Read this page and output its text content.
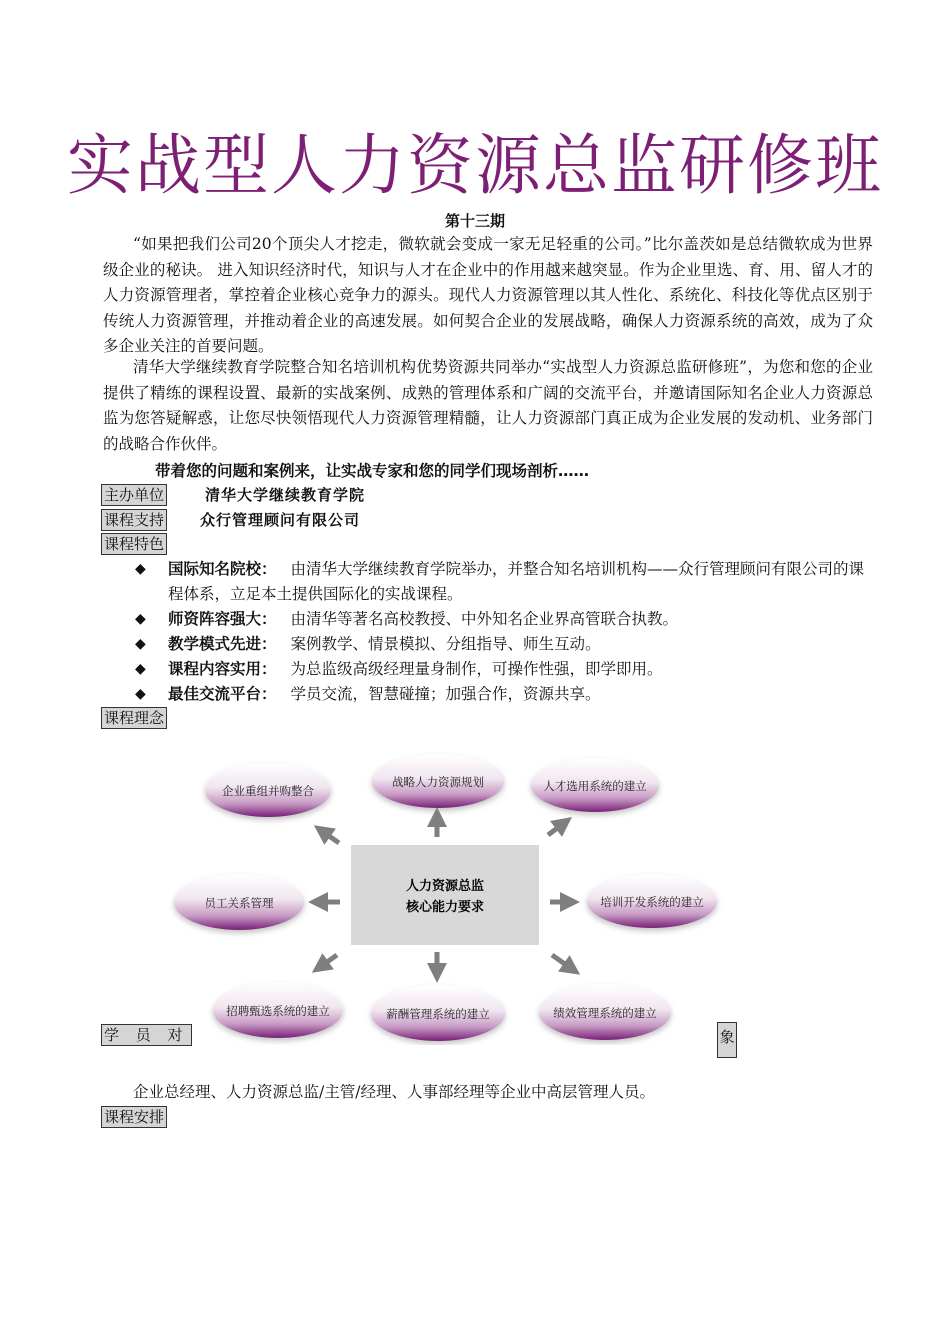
实战型人力资源总监研修班
第十三期
“如果把我们公司20个顶尖人才挖走，微软就会变成一家无足轻重的公司。”比尔盖茨如是总结微软成为世界级企业的秘诀。 进入知识经济时代，知识与人才在企业中的作用越来越突显。作为企业里选、育、用、留人才的人力资源管理者，掌控着企业核心竞争力的源头。现代人力资源管理以其人性化、系统化、科技化等优点区别于传统人力资源管理，并推动着企业的高速发展。如何契合企业的发展战略，确保人力资源系统的高效，成为了众多企业关注的首要问题。
清华大学继续教育学院整合知名培训机构优势资源共同举办“实战型人力资源总监研修班”，为您和您的企业提供了精练的课程设置、最新的实战案例、成熟的管理体系和广阔的交流平台，并邀请国际知名企业人力资源总监为您答疑解惑，让您尽快领悟现代人力资源管理精髓，让人力资源部门真正成为企业发展的发动机、业务部门的战略合作伙伴。
带着您的问题和案例来，让实战专家和您的同学们现场剖析……
主办单位	清华大学继续教育学院
课程支持 众行管理顾问有限公司
课程特色
◆ 国际知名院校： 由清华大学继续教育学院举办，并整合知名培训机构——众行管理顾问有限公司的课程体系，立足本土提供国际化的实战课程。
◆ 师资阵容强大： 由清华等著名高校教授、中外知名企业界高管联合执教。
◆ 教学模式先进： 案例教学、情景模拟、分组指导、师生互动。
◆ 课程内容实用： 为总监级高级经理量身制作，可操作性强，即学即用。
◆ 最佳交流平台： 学员交流，智慧碰撞；加强合作，资源共享。
课程理念
人力资源总监
核心能力要求
企业重组并购整合
战略人力资源规划	人才选用系统的建立
员工关系管理	培训开发系统的建立
招聘甄选系统的建立	薪酬管理系统的建立	绩效管理系统的建立
学 员 对	象
企业总经理、人力资源总监/主管/经理、人事部经理等企业中高层管理人员。
课程安排
